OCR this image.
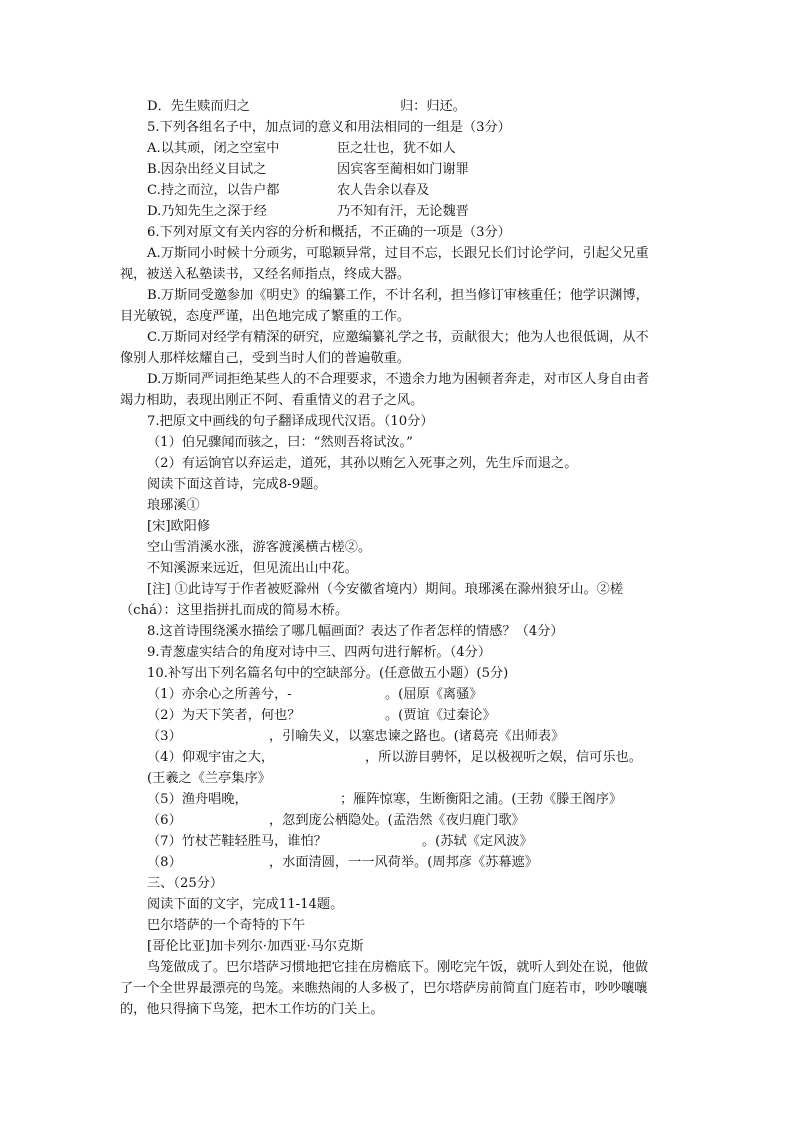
D．先生赎而归之	归：归还。
5.下列各组名子中，加点词的意义和用法相同的一组是（3分）
A.以其顽，闭之空室中	臣之壮也，犹不如人
B.因杂出经义目试之	因宾客至蔺相如门谢罪
C.持之而泣，以告户都	农人告余以春及
D.乃知先生之深于经	乃不知有汗，无论魏晋
6.下列对原文有关内容的分析和概括，不正确的一项是（3分）
A.万斯同小时候十分顽劣，可聪颖异常，过目不忘，长跟兄长们讨论学问，引起父兄重
视，被送入私塾读书，又经名师指点，终成大器。
B.万斯同受邀参加《明史》的编纂工作，不计名利，担当修订审核重任；他学识渊博，
目光敏锐，态度严谨，出色地完成了繁重的工作。
C.万斯同对经学有精深的研究，应邀编纂礼学之书，贡献很大；他为人也很低调，从不
像别人那样炫耀自己，受到当时人们的普遍敬重。
D.万斯同严词拒绝某些人的不合理要求，不遗余力地为困顿者奔走，对市区人身自由者
竭力相助，表现出刚正不阿、看重情义的君子之风。
7.把原文中画线的句子翻译成现代汉语。（10分）
（1）伯兄骤闻而骇之，曰：“然则吾将试汝。”
（2）有运饷官以弃运走，道死，其孙以贿乞入死事之列，先生斥而退之。
阅读下面这首诗，完成8-9题。
琅琊溪①
[宋]欧阳修
空山雪消溪水涨，游客渡溪横古槎②。
不知溪源来远近，但见流出山中花。
[注] ①此诗写于作者被贬滁州（今安徽省境内）期间。琅琊溪在滁州狼牙山。②槎
（chá）：这里指拼扎而成的简易木桥。
8.这首诗围绕溪水描绘了哪几幅画面？表达了作者怎样的情感？（4分）
9.青葱虚实结合的角度对诗中三、四两句进行解析。（4分）
10.补写出下列名篇名句中的空缺部分。(任意做五小题）(5分)
（1）亦余心之所善兮，-	。(屈原《离骚》
（2）为天下笑者，何也？	。(贾谊《过秦论》
（3）	，引喻失义，以塞忠谏之路也。(诸葛亮《出师表》
（4）仰观宇宙之大，	，所以游目骋怀，足以极视听之娱，信可乐也。
(王羲之《兰亭集序》
（5）渔舟唱晚，	；雁阵惊寒，生断衡阳之浦。(王勃《滕王阁序》
（6）	，忽到庞公栖隐处。(孟浩然《夜归鹿门歌》
（7）竹杖芒鞋轻胜马，谁怕？	。(苏轼《定风波》
（8）	，水面清圆，一一风荷举。(周邦彦《苏幕遮》
三、（25分）
阅读下面的文字，完成11-14题。
巴尔塔萨的一个奇特的下午
[哥伦比亚]加卡列尔·加西亚·马尔克斯
鸟笼做成了。巴尔塔萨习惯地把它挂在房檐底下。刚吃完午饭，就听人到处在说，他做
了一个全世界最漂亮的鸟笼。来瞧热闹的人多极了，巴尔塔萨房前简直门庭若市，吵吵嚷嚷
的，他只得摘下鸟笼，把木工作坊的门关上。
